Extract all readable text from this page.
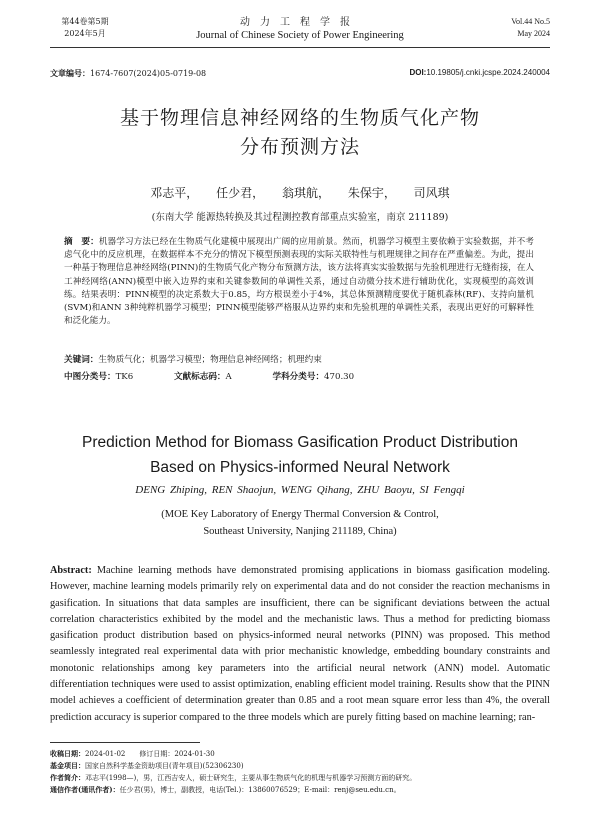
第44卷第5期
2024年5月
动力工程学报
Journal of Chinese Society of Power Engineering
Vol.44 No.5
May 2024
文章编号：1674-7607(2024)05-0719-08	DOI:10.19805/j.cnki.jcspe.2024.240004
基于物理信息神经网络的生物质气化产物
分布预测方法
邓志平， 任少君， 翁琪航， 朱保宇， 司风琪
(东南大学 能源热转换及其过程测控教育部重点实验室，南京 211189)
摘　要：机器学习方法已经在生物质气化建模中展现出广阔的应用前景。然而，机器学习模型主要依赖于实验数据，并不考虑气化中的反应机理，在数据样本不充分的情况下模型预测表现的实际关联特性与机理规律之间存在严重偏差。为此，提出一种基于物理信息神经网络(PINN)的生物质气化产物分布预测方法，该方法将真实实验数据与先验机理进行无缝衔接，在人工神经网络(ANN)模型中嵌入边界约束和关键参数间的单调性关系，通过自动微分技术进行辅助优化，实现模型的高效训练。结果表明：PINN模型的决定系数大于0.85，均方根误差小于4%，其总体预测精度要优于随机森林(RF)、支持向量机(SVM)和ANN 3种纯粹机器学习模型；PINN模型能够严格服从边界约束和先验机理的单调性关系，表现出更好的可解释性和泛化能力。
关键词：生物质气化；机器学习模型；物理信息神经网络；机理约束
中图分类号：TK6	文献标志码：A	学科分类号：470.30
Prediction Method for Biomass Gasification Product Distribution
Based on Physics-informed Neural Network
DENG Zhiping, REN Shaojun, WENG Qihang, ZHU Baoyu, SI Fengqi
(MOE Key Laboratory of Energy Thermal Conversion & Control,
Southeast University, Nanjing 211189, China)
Abstract: Machine learning methods have demonstrated promising applications in biomass gasification modeling. However, machine learning models primarily rely on experimental data and do not consider the reaction mechanisms in gasification. In situations that data samples are insufficient, there can be significant deviations between the actual correlation characteristics exhibited by the model and the mechanistic laws. Thus a method for predicting biomass gasification product distribution based on physics-informed neural networks (PINN) was proposed. This method seamlessly integrated real experimental data with prior mechanistic knowledge, embedding boundary constraints and monotonic relationships among key parameters into the artificial neural network (ANN) model. Automatic differentiation techniques were used to assist optimization, enabling efficient model training. Results show that the PINN model achieves a coefficient of determination greater than 0.85 and a root mean square error less than 4%, the overall prediction accuracy is superior compared to the three models which are purely fitting based on machine learning; ran-
收稿日期：2024-01-02　　修订日期：2024-01-30
基金项目：国家自然科学基金资助项目(青年项目)(52306230)
作者简介：邓志平(1998—)，男，江西吉安人，硕士研究生，主要从事生物质气化的机理与机器学习预测方面的研究。
通信作者(通讯作者)：任少君(男)，博士，副教授，电话(Tel.)：13860076529；E-mail：renj@seu.edu.cn。
